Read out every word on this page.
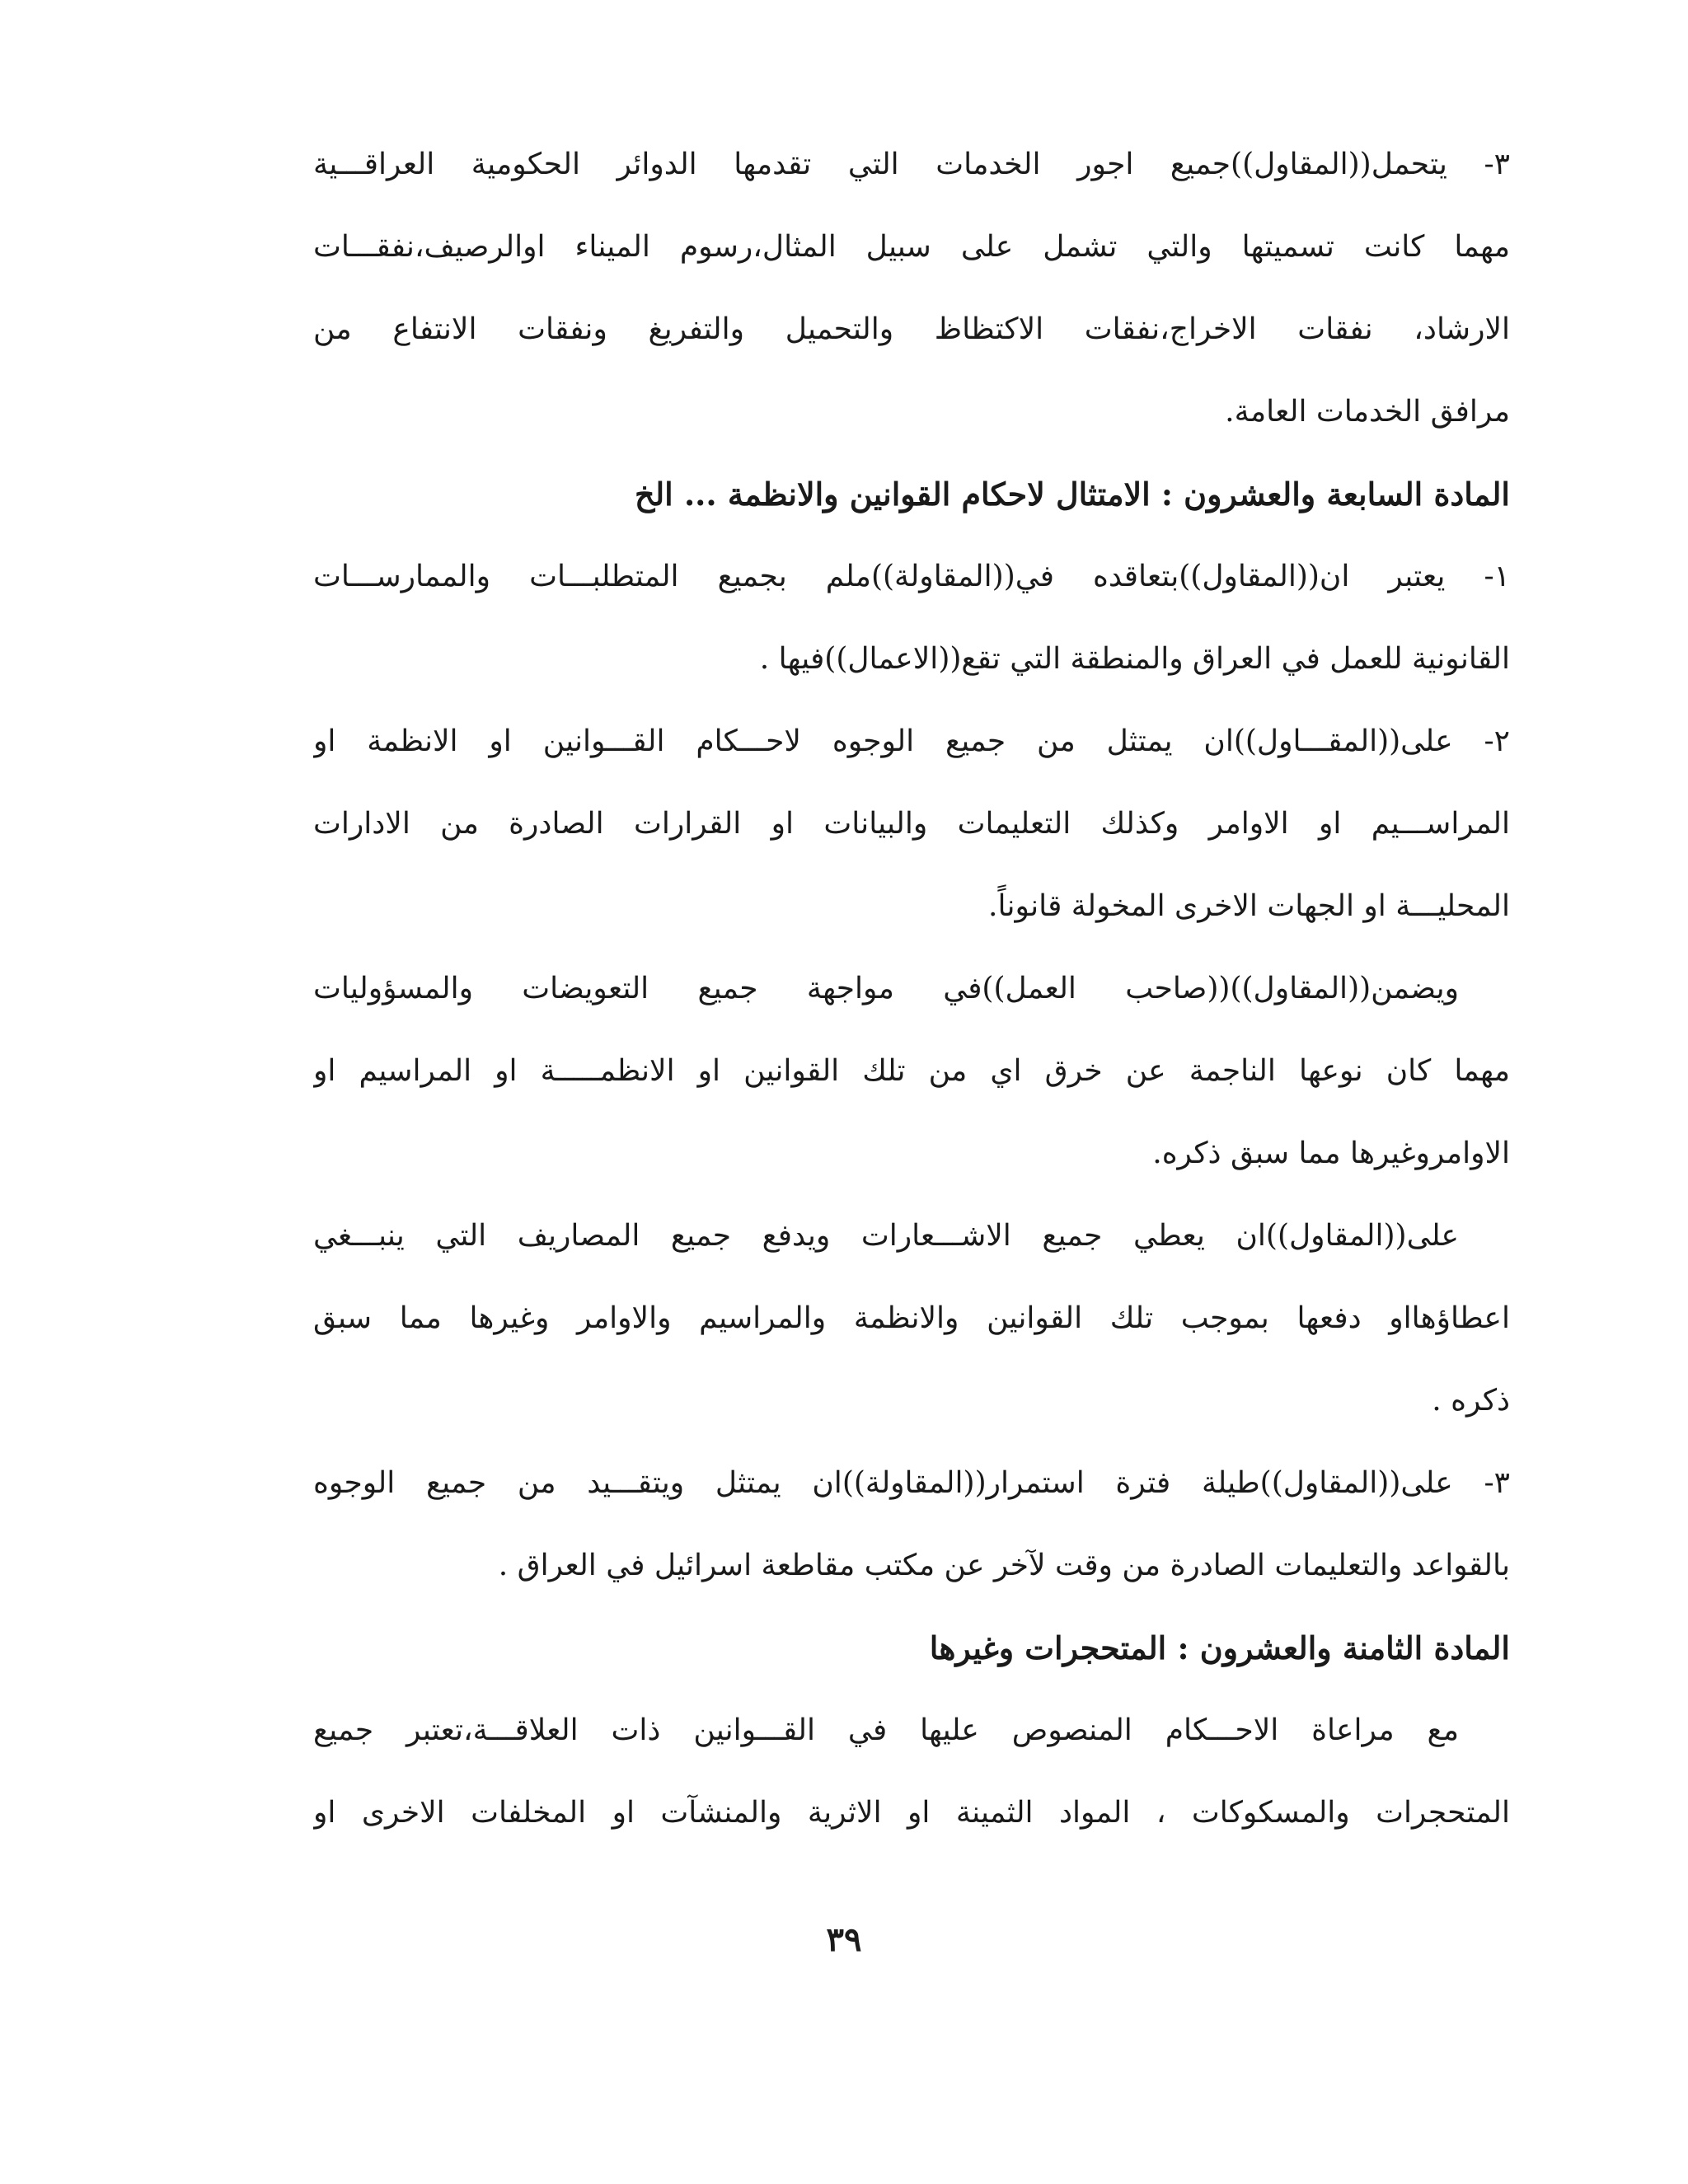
٣- يتحمل((المقاول))جميع اجور الخدمات التي تقدمها الدوائر الحكومية العراقـــية
مهما كانت تسميتها والتي تشمل على سبيل المثال،رسوم الميناء اوالرصيف،نفقـــات
الارشاد، نفقات الاخراج،نفقات الاكتظاظ والتحميل والتفريغ ونفقات الانتفاع من
مرافق الخدمات العامة.
المادة السابعة والعشرون : الامتثال لاحكام القوانين والانظمة ... الخ
١- يعتبر ان((المقاول))بتعاقده في((المقاولة))ملم بجميع المتطلبـــات والممارســـات
القانونية للعمل في العراق والمنطقة التي تقع((الاعمال))فيها .
٢- على((المقـــاول))ان يمتثل من جميع الوجوه لاحـــكام القـــوانين او الانظمة او
المراســـيم او الاوامر وكذلك التعليمات والبيانات او القرارات الصادرة من الادارات
المحليـــة او الجهات الاخرى المخولة قانوناً.
ويضمن((المقاول))((صاحب العمل))في مواجهة جميع التعويضات والمسؤوليات
مهما كان نوعها الناجمة عن خرق اي من تلك القوانين او الانظمـــــة او المراسيم او
الاوامروغيرها مما سبق ذكره.
على((المقاول))ان يعطي جميع الاشـــعارات ويدفع جميع المصاريف التي ينبـــغي
اعطاؤهااو دفعها بموجب تلك القوانين والانظمة والمراسيم والاوامر وغيرها مما سبق
ذكره .
٣- على((المقاول))طيلة فترة استمرار((المقاولة))ان يمتثل ويتقـــيد من جميع الوجوه
بالقواعد والتعليمات الصادرة من وقت لآخر عن مكتب مقاطعة اسرائيل في العراق .
المادة الثامنة والعشرون : المتحجرات وغيرها
مع مراعاة الاحـــكام المنصوص عليها في القـــوانين ذات العلاقـــة،تعتبر جميع
المتحجرات والمسكوكات ، المواد الثمينة او الاثرية والمنشآت او المخلفات الاخرى او
٣٩
